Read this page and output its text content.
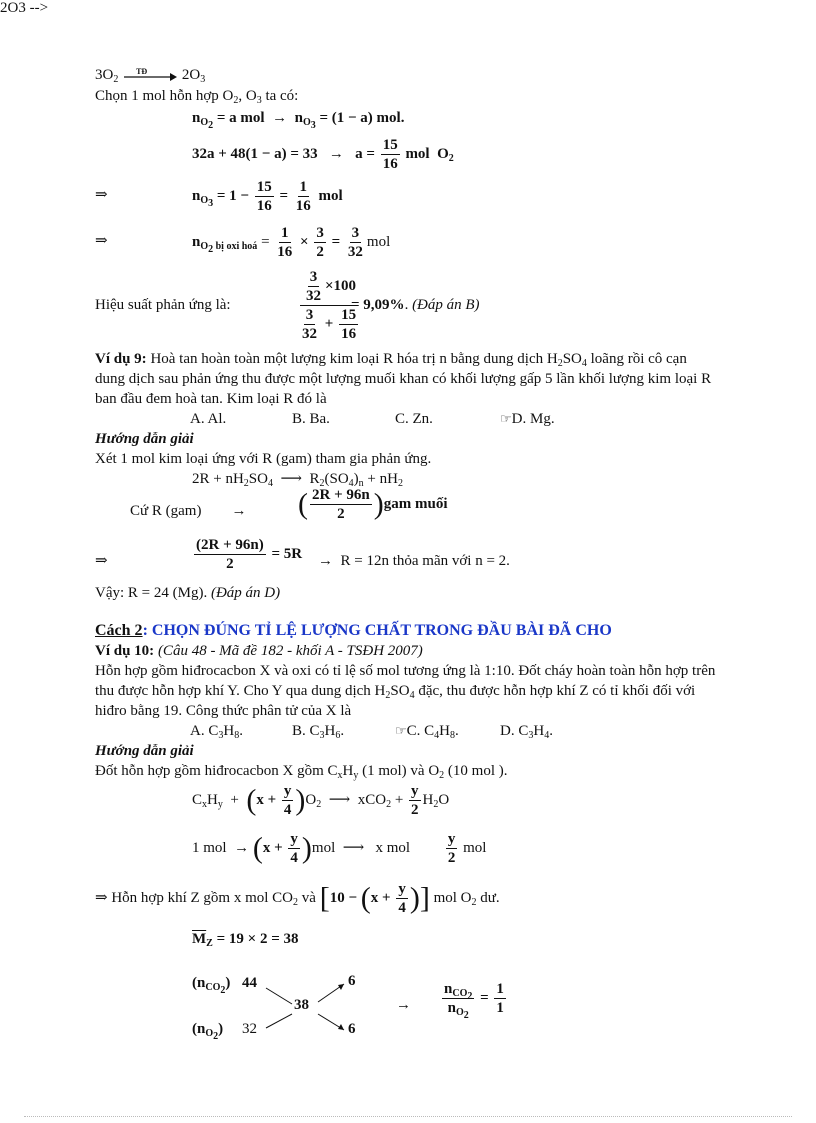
2O3 -->
$3O_2$
TĐ $2O_3$
Chọn 1 mol hỗn hợp $O_2$, $O_3$ ta có:
$n_{O_2} = a$ mol  →  $n_{O_3} = (1 - a)$ mol.
$32a + 48(1 - a) = 33 \to a = \frac{15}{16}$ mol  $O_2$
⇒	$n_{O_3} = 1 - \frac{15}{16} = \frac{1}{16}$ mol
⇒	$n_{O_2 bị oxi hoá} = \frac{1}{16} \times \frac{3}{2} = \frac{3}{32}$ mol
Hiệu suất phản ứng là:	$\frac{\frac{3}{32} \times 100}{\frac{3}{32} + \frac{15}{16}}$
= 9,09%. (Đáp án B)
Ví dụ 9: Hoà tan hoàn toàn một lượng kim loại R hóa trị n bằng dung dịch $H_2SO_4$ loãng rồi cô cạn
dung dịch sau phản ứng thu được một lượng muối khan có khối lượng gấp 5 lần khối lượng kim loại R
ban đầu đem hoà tan. Kim loại R đó là
A. Al.	B. Ba.	C. Zn.	☞D. Mg.
Hướng dẫn giải
Xét 1 mol kim loại ứng với R (gam) tham gia phản ứng.
$2R + nH_2SO_4$  ⟶  $R_2(SO_4)_n + nH_2$
Cứ R (gam)        → ( $\frac{2R + 96n}{2} )gam$ muối
⇒	$\frac{(2R + 96n)}{2} = 5R \to R = 12n$ thỏa mãn với n = 2.
Vậy: R = 24 (Mg). (Đáp án D)
Cách 2: CHỌN ĐÚNG TỈ LỆ LƯỢNG CHẤT TRONG ĐẦU BÀI ĐÃ CHO
Ví dụ 10: (Câu 48 - Mã đề 182 - khối A - TSĐH 2007)
Hỗn hợp gồm hiđrocacbon X và oxi có tỉ lệ số mol tương ứng là 1:10. Đốt cháy hoàn toàn hỗn hợp trên
thu được hỗn hợp khí Y. Cho Y qua dung dịch $H_2SO_4$ đặc, thu được hỗn hợp khí Z có tỉ khối đối với
hiđro bằng 19. Công thức phân tử của X là
A. $C_3H_8$.	B. $C_3H_6$.	☞C. $C_4H_8$.	D. $C_3H_4$.
Hướng dẫn giải
Đốt hỗn hợp gồm hiđrocacbon X gồm $C_xH_y$ (1 mol) và $O_2$ (10 mol ).
$C_xH_y + (x + \frac{y}{4} )O_2$  ⟶  $xCO_2 + \frac{y}{2} H_2O$
1 mol  → $(x + \frac{y}{4} )mol$  ⟶   x mol $\frac{y}{2}$ mol
⇒ Hỗn hợp khí Z gồm x mol $CO_2$ và [$10 - (x + \frac{y}{4}$ )] mol $O_2$ dư.
$\overline{M}_Z = 19 \times 2 = 38$
$(n_{CO_2})$ 44
$(n_{O_2})$ 32
38
6
6
→ $\frac{n_{CO_2}}{n_{O_2}} = \frac{1}{1}$
